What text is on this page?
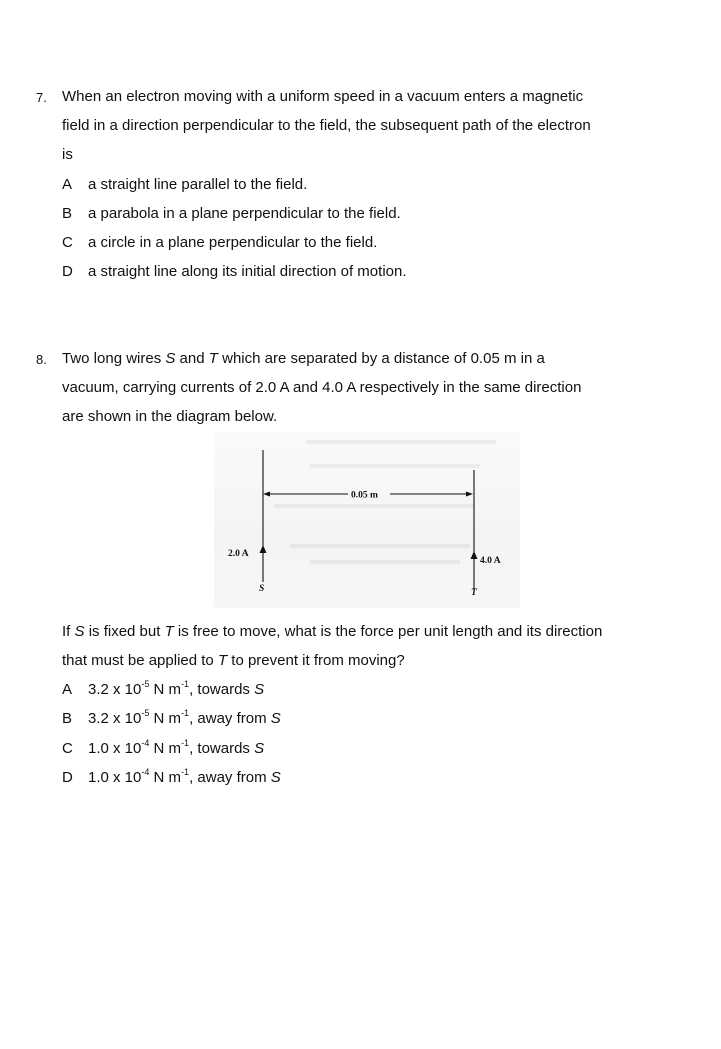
7. When an electron moving with a uniform speed in a vacuum enters a magnetic
field in a direction perpendicular to the field, the subsequent path of the electron
is
A a straight line parallel to the field.
B a parabola in a plane perpendicular to the field.
C a circle in a plane perpendicular to the field.
D a straight line along its initial direction of motion.
8. Two long wires S and T which are separated by a distance of 0.05 m in a
vacuum, carrying currents of 2.0 A and 4.0 A respectively in the same direction
are shown in the diagram below.
0.05 m
2.0 A
4.0 A
S	T
If S is fixed but T is free to move, what is the force per unit length and its direction
that must be applied to T to prevent it from moving?
A 3.2 x $10^{-5}$ N $m^{-1}$, towards S
B 3.2 x $10^{-5}$ N $m^{-1}$, away from S
C 1.0 x $10^{-4}$ N $m^{-1}$, towards S
D 1.0 x $10^{-4}$ N $m^{-1}$, away from S
